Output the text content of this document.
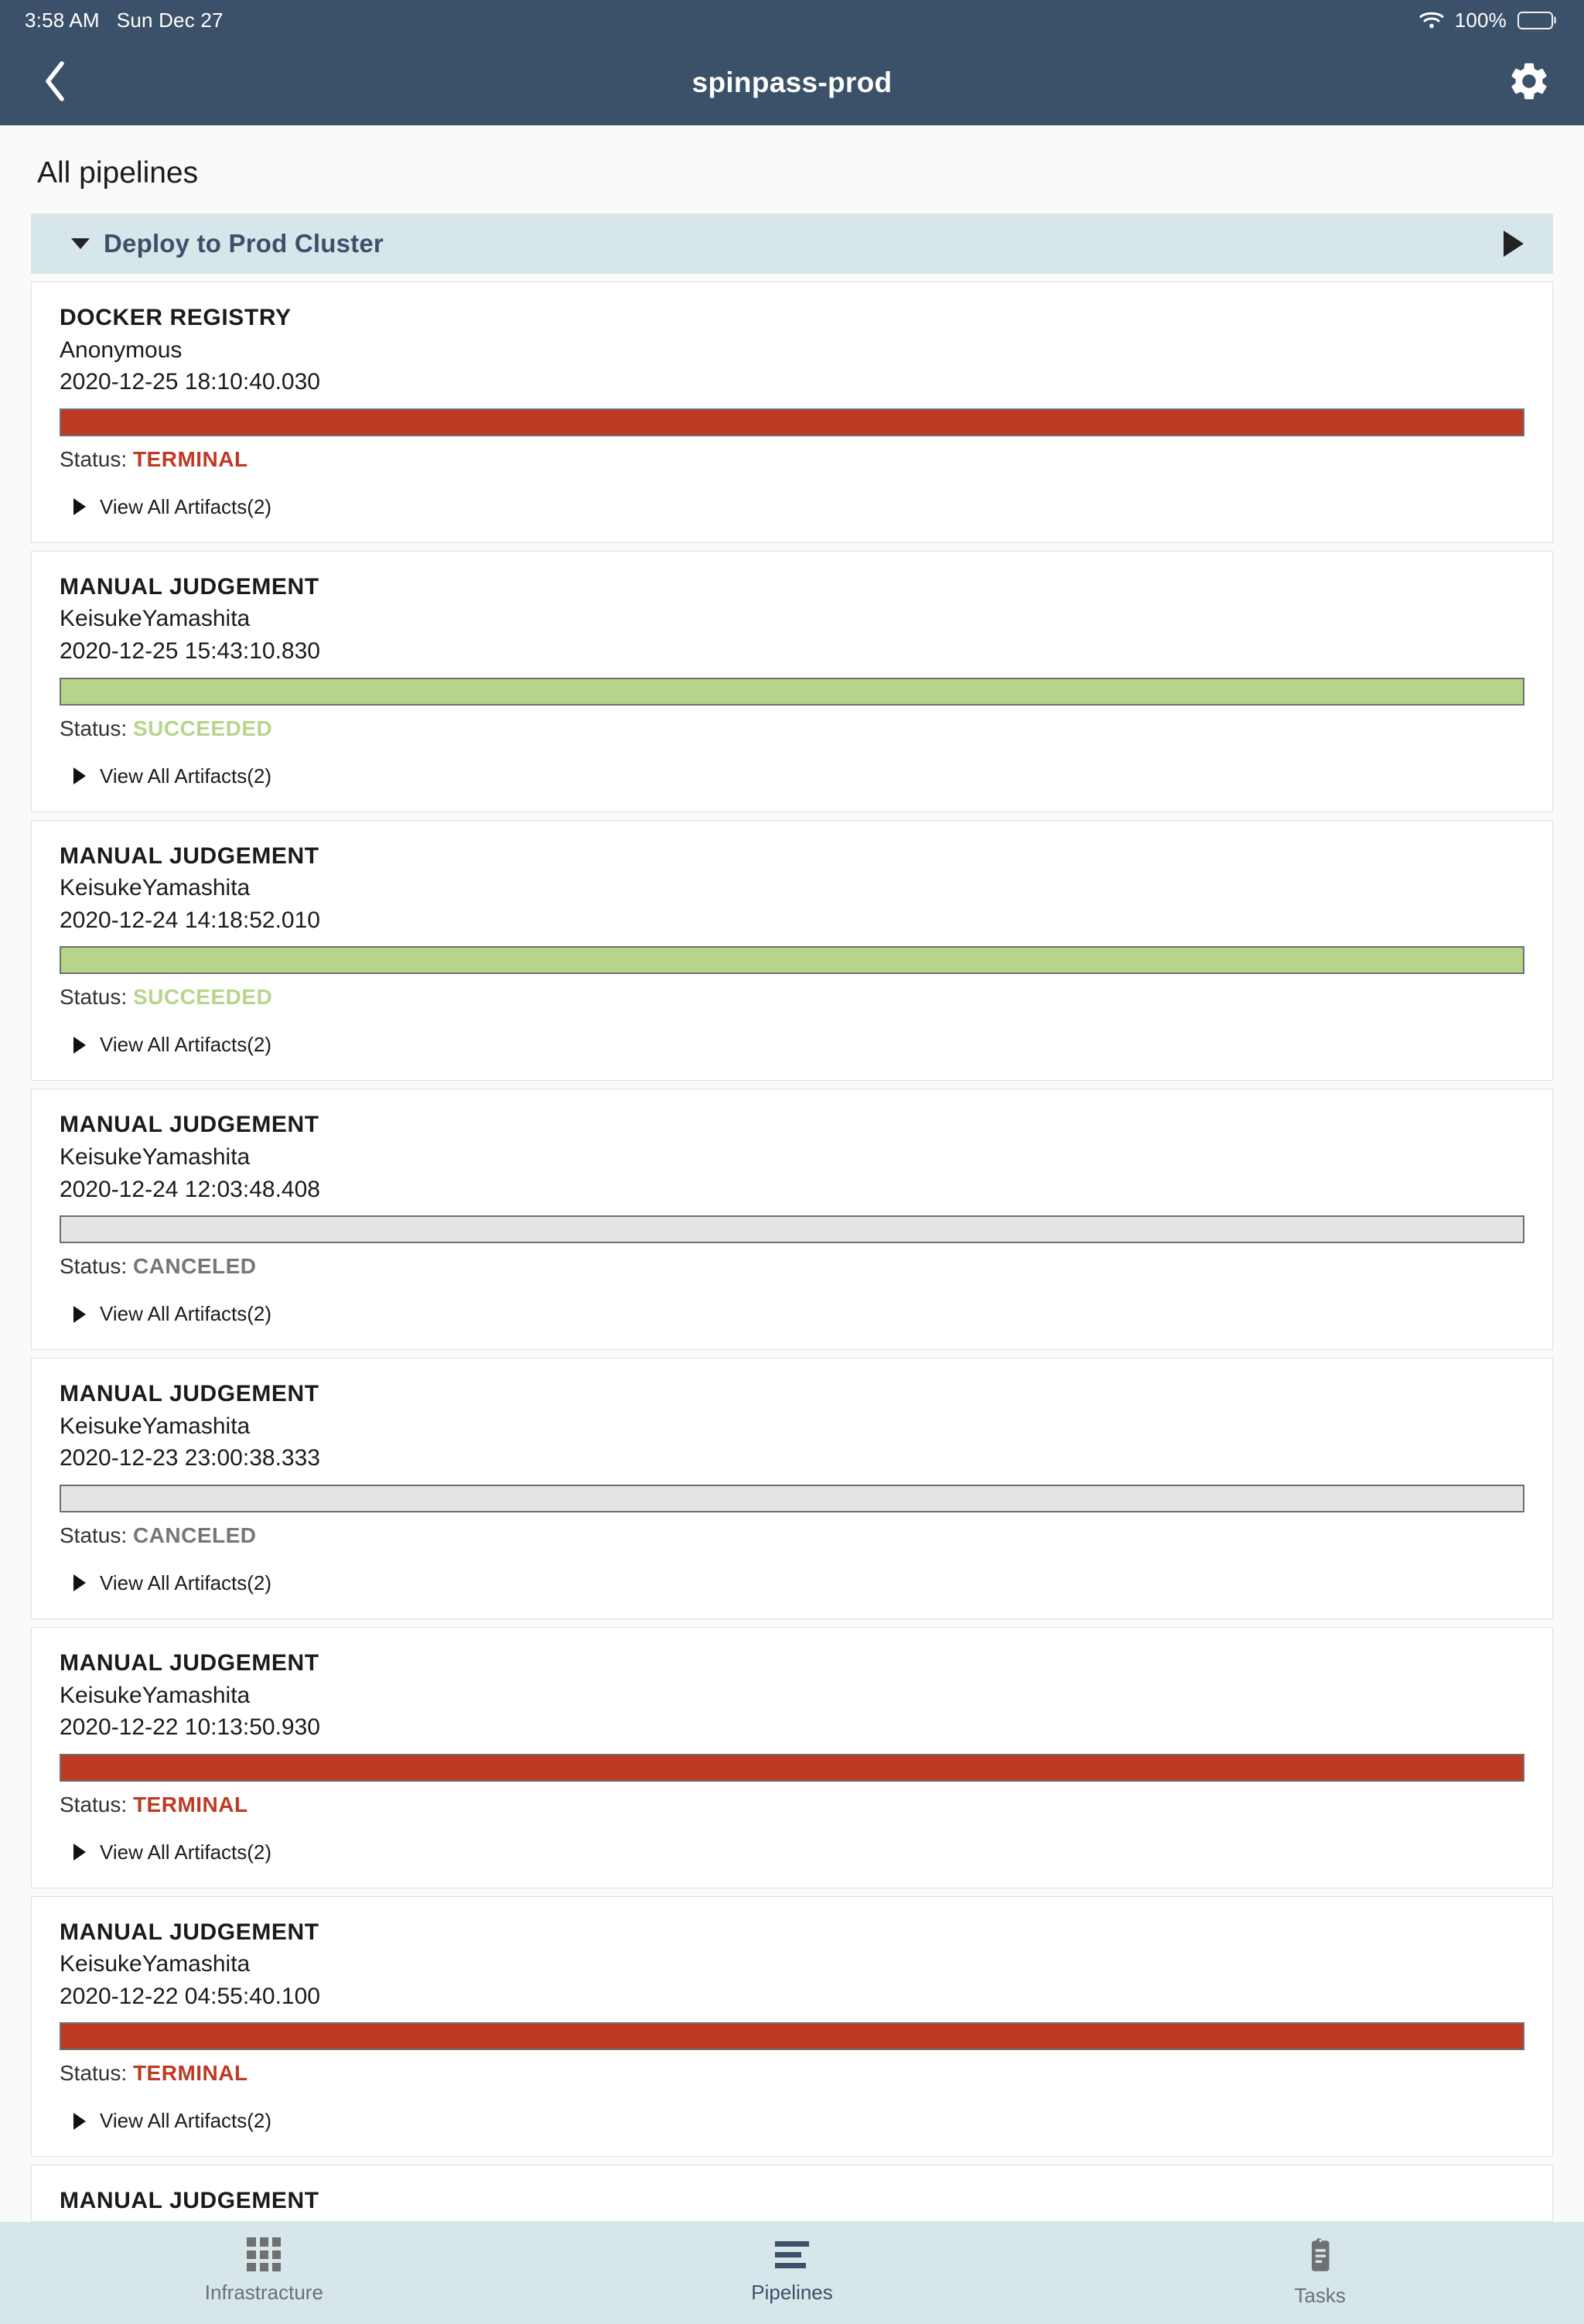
3:58 AM Sun Dec 27	100%
spinpass-prod
All pipelines
Deploy to Prod Cluster
DOCKER REGISTRY
Anonymous
2020-12-25 18:10:40.030
Status: TERMINAL
View All Artifacts(2)
MANUAL JUDGEMENT
KeisukeYamashita
2020-12-25 15:43:10.830
Status: SUCCEEDED
View All Artifacts(2)
MANUAL JUDGEMENT
KeisukeYamashita
2020-12-24 14:18:52.010
Status: SUCCEEDED
View All Artifacts(2)
MANUAL JUDGEMENT
KeisukeYamashita
2020-12-24 12:03:48.408
Status: CANCELED
View All Artifacts(2)
MANUAL JUDGEMENT
KeisukeYamashita
2020-12-23 23:00:38.333
Status: CANCELED
View All Artifacts(2)
MANUAL JUDGEMENT
KeisukeYamashita
2020-12-22 10:13:50.930
Status: TERMINAL
View All Artifacts(2)
MANUAL JUDGEMENT
KeisukeYamashita
2020-12-22 04:55:40.100
Status: TERMINAL
View All Artifacts(2)
MANUAL JUDGEMENT
Infrastracture	Pipelines	Tasks
